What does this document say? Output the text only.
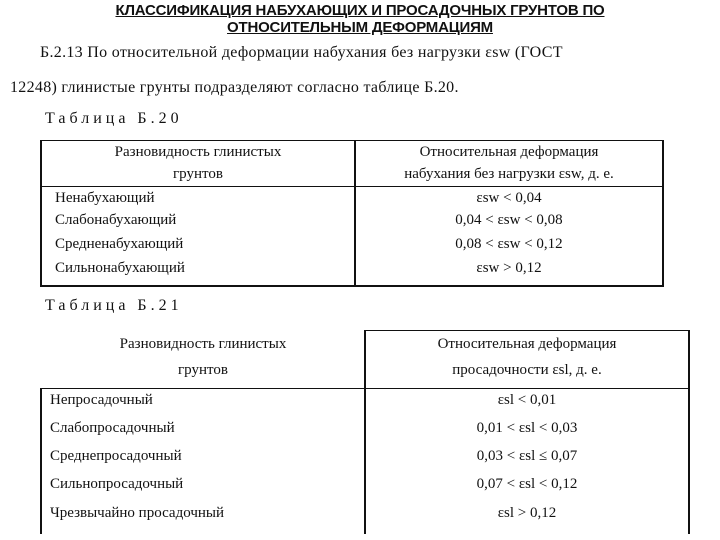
КЛАССИФИКАЦИЯ НАБУХАЮЩИХ И ПРОСАДОЧНЫХ ГРУНТОВ ПО
ОТНОСИТЕЛЬНЫМ ДЕФОРМАЦИЯМ
Б.2.13 По относительной деформации набухания без нагрузки εsw (ГОСТ
12248) глинистые грунты подразделяют согласно таблице Б.20.
Таблица Б.20
Разновидность глинистых
грунтов
Относительная деформация
набухания без нагрузки εsw, д. е.
Ненабухающий	εsw < 0,04
Слабонабухающий	0,04 < εsw < 0,08
Средненабухающий	0,08 < εsw < 0,12
Сильнонабухающий	εsw > 0,12
Таблица Б.21
Разновидность глинистых
грунтов
Относительная деформация
просадочности εsl, д. е.
Непросадочный	εsl < 0,01
Слабопросадочный	0,01 < εsl < 0,03
Среднепросадочный	0,03 < εsl ≤ 0,07
Сильнопросадочный	0,07 < εsl < 0,12
Чрезвычайно просадочный	εsl > 0,12
